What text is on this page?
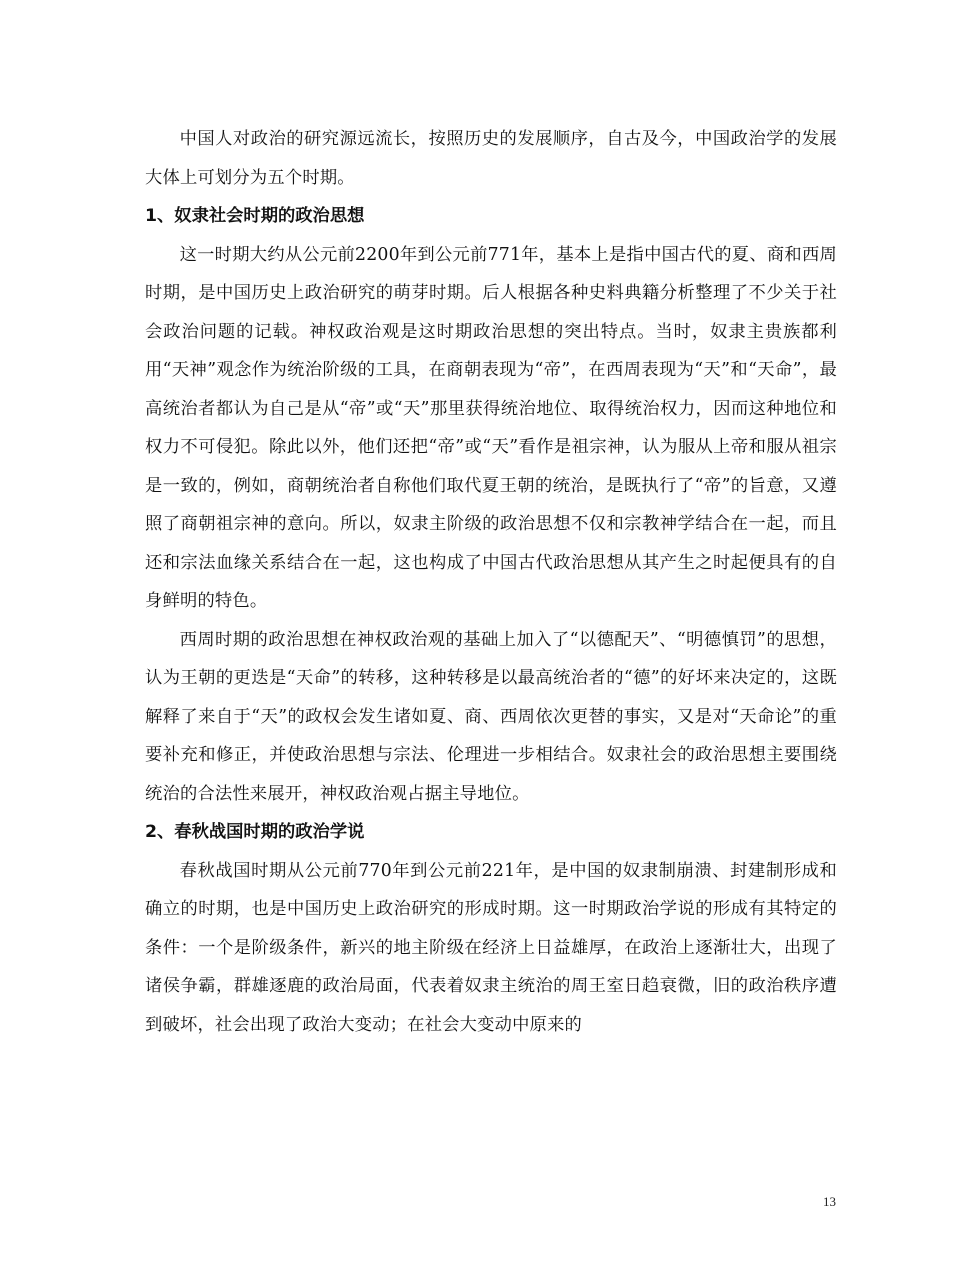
中国人对政治的研究源远流长，按照历史的发展顺序，自古及今，中国政治学的发展大体上可划分为五个时期。

1、奴隶社会时期的政治思想

这一时期大约从公元前2200年到公元前771年，基本上是指中国古代的夏、商和西周时期，是中国历史上政治研究的萌芽时期。后人根据各种史料典籍分析整理了不少关于社会政治问题的记载。神权政治观是这时期政治思想的突出特点。当时，奴隶主贵族都利用“天神”观念作为统治阶级的工具，在商朝表现为“帝”，在西周表现为“天”和“天命”，最高统治者都认为自己是从“帝”或“天”那里获得统治地位、取得统治权力，因而这种地位和权力不可侵犯。除此以外，他们还把“帝”或“天”看作是祖宗神，认为服从上帝和服从祖宗是一致的，例如，商朝统治者自称他们取代夏王朝的统治，是既执行了“帝”的旨意，又遵照了商朝祖宗神的意向。所以，奴隶主阶级的政治思想不仅和宗教神学结合在一起，而且还和宗法血缘关系结合在一起，这也构成了中国古代政治思想从其产生之时起便具有的自身鲜明的特色。

西周时期的政治思想在神权政治观的基础上加入了“以德配天”、“明德慎罚”的思想，认为王朝的更迭是“天命”的转移，这种转移是以最高统治者的“德”的好坏来决定的，这既解释了来自于“天”的政权会发生诸如夏、商、西周依次更替的事实，又是对“天命论”的重要补充和修正，并使政治思想与宗法、伦理进一步相结合。奴隶社会的政治思想主要围绕统治的合法性来展开，神权政治观占据主导地位。

2、春秋战国时期的政治学说

春秋战国时期从公元前770年到公元前221年，是中国的奴隶制崩溃、封建制形成和确立的时期，也是中国历史上政治研究的形成时期。这一时期政治学说的形成有其特定的条件：一个是阶级条件，新兴的地主阶级在经济上日益雄厚，在政治上逐渐壮大，出现了诸侯争霸，群雄逐鹿的政治局面，代表着奴隶主统治的周王室日趋衰微，旧的政治秩序遭到破坏，社会出现了政治大变动；在社会大变动中原来的

13
